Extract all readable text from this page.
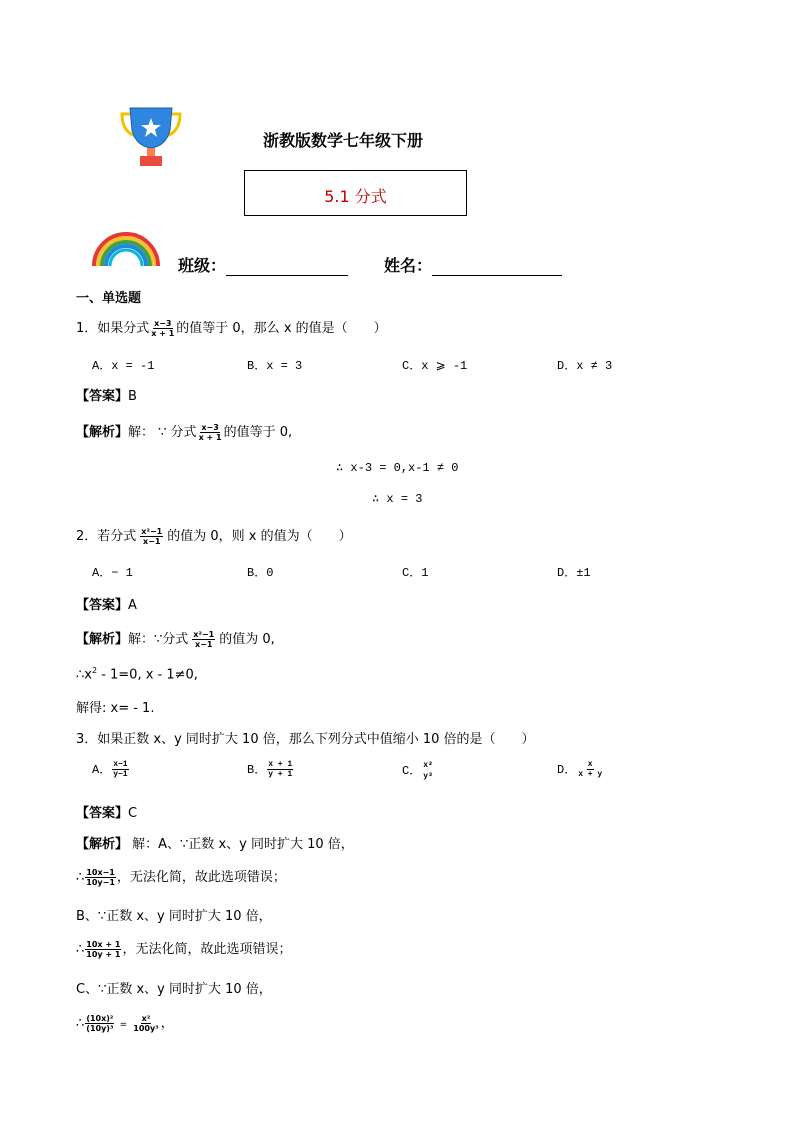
浙教版数学七年级下册
5.1 分式
班级：	姓名：
一、单选题
1．如果分式 $\frac{x-3}{x + 1}$ 的值等于 0，那么 x 的值是（　　）
A．x = -1	B．x = 3	C．x ⩾ -1	D．x ≠ 3
【答案】B
【解析】解： ∵ 分式 $\frac{x-3}{x + 1}$ 的值等于 0,
∴ x-3 = 0,x-1 ≠ 0
∴ x = 3
2．若分式 $\frac{\text{x²−1}}{x-1}$ 的值为 0，则 x 的值为（　　）
A．− 1	B．0	C．1	D．±1
【答案】A
【解析】解：∵分式 $\frac{\text{x²−1}}{x-1}$ 的值为 0,
$\therefore x^2 - 1=0$, x - 1≠0,
解得: x= - 1.
3．如果正数 x、y 同时扩大 10 倍，那么下列分式中值缩小 10 倍的是（　　）
A． $\frac{x-1}{y-1}$	B． $\frac{x + 1}{y + 1}$	C． x²
y³	D． $\frac{x}{x + y}$
【答案】C
【解析】 解：A、∵正数 x、y 同时扩大 10 倍，
∴ $\frac{10x-1}{10y-1}$ ，无法化简，故此选项错误；
B、∵正数 x、y 同时扩大 10 倍，
∴ $\frac{10x + 1}{10y + 1}$ ，无法化简，故此选项错误；
C、∵正数 x、y 同时扩大 10 倍，
∴ $\frac{\text{(10x)²}}{\text{(10y)³}} = \frac{\text{x²}}{\text{100y³}}$ ，
